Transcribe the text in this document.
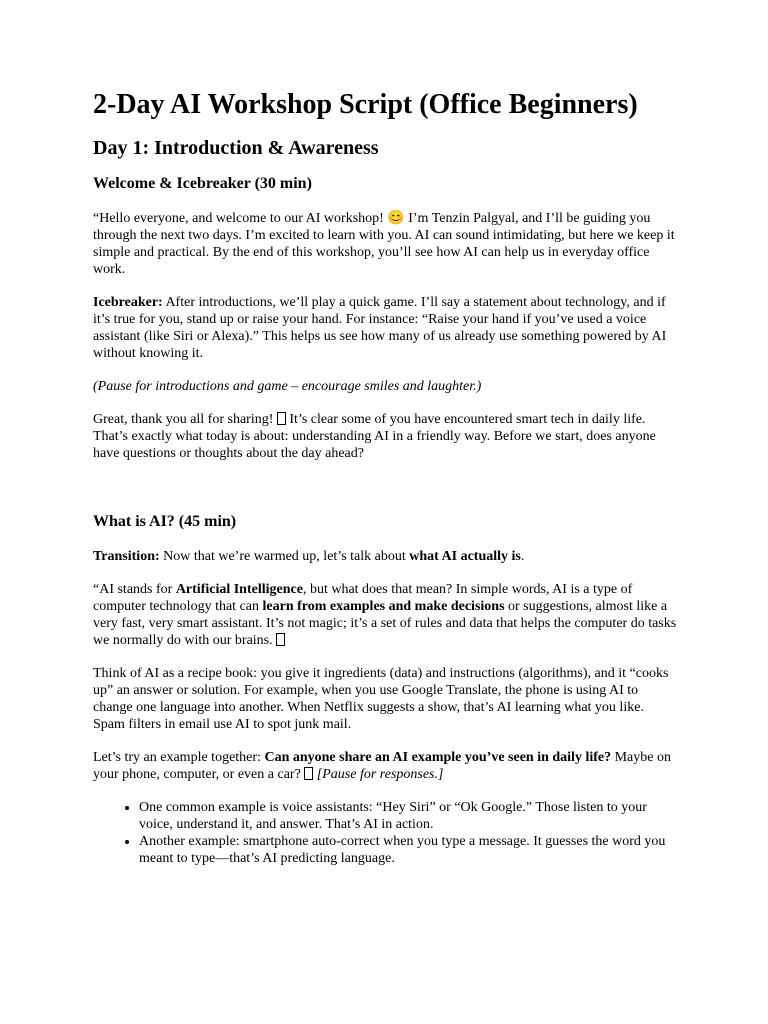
2-Day AI Workshop Script (Office Beginners)
Day 1: Introduction & Awareness
Welcome & Icebreaker (30 min)

“Hello everyone, and welcome to our AI workshop! 😊 I’m Tenzin Palgyal, and I’ll be guiding you through the next two days. I’m excited to learn with you. AI can sound intimidating, but here we keep it simple and practical. By the end of this workshop, you’ll see how AI can help us in everyday office work.

Icebreaker: After introductions, we’ll play a quick game. I’ll say a statement about technology, and if it’s true for you, stand up or raise your hand. For instance: “Raise your hand if you’ve used a voice assistant (like Siri or Alexa).” This helps us see how many of us already use something powered by AI without knowing it.

(Pause for introductions and game – encourage smiles and laughter.)

Great, thank you all for sharing!  It’s clear some of you have encountered smart tech in daily life. That’s exactly what today is about: understanding AI in a friendly way. Before we start, does anyone have questions or thoughts about the day ahead?

What is AI? (45 min)

Transition: Now that we’re warmed up, let’s talk about what AI actually is.

“AI stands for Artificial Intelligence, but what does that mean? In simple words, AI is a type of computer technology that can learn from examples and make decisions or suggestions, almost like a very fast, very smart assistant. It’s not magic; it’s a set of rules and data that helps the computer do tasks we normally do with our brains.

Think of AI as a recipe book: you give it ingredients (data) and instructions (algorithms), and it “cooks up” an answer or solution. For example, when you use Google Translate, the phone is using AI to change one language into another. When Netflix suggests a show, that’s AI learning what you like. Spam filters in email use AI to spot junk mail.

Let’s try an example together: Can anyone share an AI example you’ve seen in daily life? Maybe on your phone, computer, or even a car?  [Pause for responses.]

• One common example is voice assistants: “Hey Siri” or “Ok Google.” Those listen to your voice, understand it, and answer. That’s AI in action.
• Another example: smartphone auto-correct when you type a message. It guesses the word you meant to type—that’s AI predicting language.
